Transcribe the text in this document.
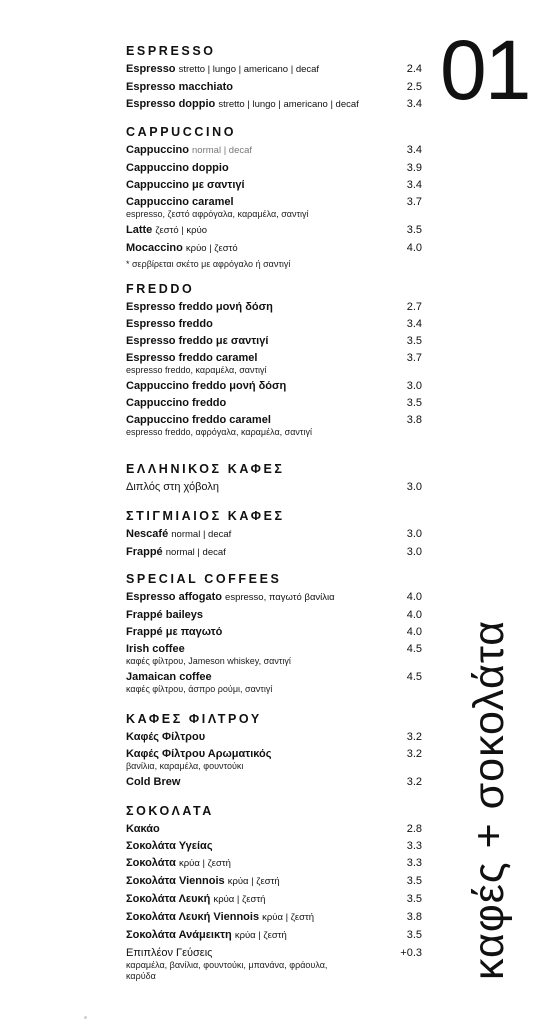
01
καφές + σοκολάτα
ESPRESSO
Espresso stretto | lungo | americano | decaf	2.4
Espresso macchiato	2.5
Espresso doppio stretto | lungo | americano | decaf	3.4
CAPPUCCINO
Cappuccino normal | decaf	3.4
Cappuccino doppio	3.9
Cappuccino με σαντιγί	3.4
Cappuccino caramel	3.7
espresso, ζεστό αφρόγαλα, καραμέλα, σαντιγί
Latte ζεστό | κρύο	3.5
Mocaccino κρύο | ζεστό	4.0
* σερβίρεται σκέτο με αφρόγαλο ή σαντιγί
FREDDO
Espresso freddo μονή δόση	2.7
Espresso freddo	3.4
Espresso freddo με σαντιγί	3.5
Espresso freddo caramel	3.7
espresso freddo, καραμέλα, σαντιγί
Cappuccino freddo μονή δόση	3.0
Cappuccino freddo	3.5
Cappuccino freddo caramel	3.8
espresso freddo, αφρόγαλα, καραμέλα, σαντιγί
ΕΛΛΗΝΙΚΟΣ ΚΑΦΕΣ
Διπλός στη χόβολη	3.0
ΣΤΙΓΜΙΑΙΟΣ ΚΑΦΕΣ
Nescafé normal | decaf	3.0
Frappé normal | decaf	3.0
SPECIAL COFFEES
Espresso affogato espresso, παγωτό βανίλια	4.0
Frappé baileys	4.0
Frappé με παγωτό	4.0
Irish coffee	4.5
καφές φίλτρου, Jameson whiskey, σαντιγί
Jamaican coffee	4.5
καφές φίλτρου, άσπρο ρούμι, σαντιγί
ΚΑΦΕΣ ΦΙΛΤΡΟΥ
Καφές Φίλτρου	3.2
Καφές Φίλτρου Αρωματικός	3.2
βανίλια, καραμέλα, φουντούκι
Cold Brew	3.2
ΣΟΚΟΛΑΤΑ
Κακάο	2.8
Σοκολάτα Υγείας	3.3
Σοκολάτα κρύα | ζεστή	3.3
Σοκολάτα Viennois κρύα | ζεστή	3.5
Σοκολάτα Λευκή κρύα | ζεστή	3.5
Σοκολάτα Λευκή Viennois κρύα | ζεστή	3.8
Σοκολάτα Ανάμεικτη κρύα | ζεστή	3.5
Επιπλέον Γεύσεις	+0.3
καραμέλα, βανίλια, φουντούκι, μπανάνα, φράουλα, καρύδα
